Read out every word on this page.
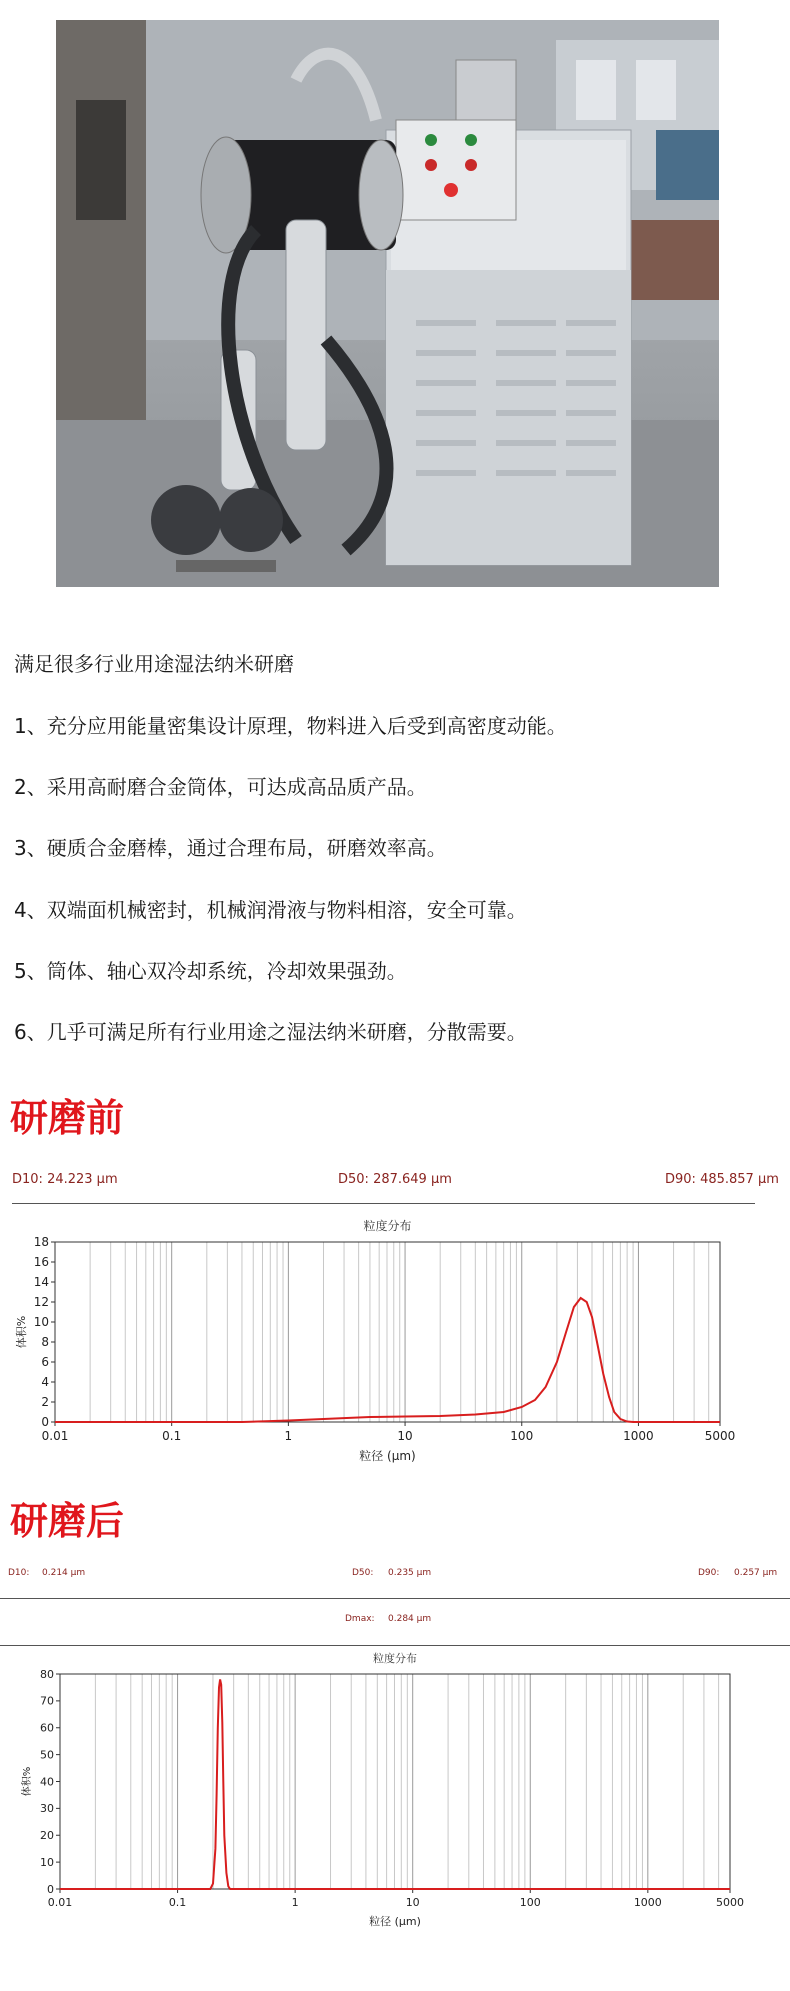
满足很多行业用途湿法纳米研磨
1、充分应用能量密集设计原理，物料进入后受到高密度动能。
2、采用高耐磨合金筒体，可达成高品质产品。
3、硬质合金磨棒，通过合理布局，研磨效率高。
4、双端面机械密封，机械润滑液与物料相溶，安全可靠。
5、筒体、轴心双冷却系统，冷却效果强劲。
6、几乎可满足所有行业用途之湿法纳米研磨，分散需要。
研磨前
D10: 24.223 μm	D50: 287.649 μm	D90: 485.857 μm
粒度分布
0
2
4
6
8
10
12
14
16
18
0.01	0.1	1	10	100	1000	5000
粒径 (μm)
体积%
研磨后
D10: 0.214 μm	D50: 0.235 μm	D90: 0.257 μm
Dmax: 0.284 μm
粒度分布
0
10
20
30
40
50
60
70
80
0.01	0.1	1	10	100	1000	5000
粒径 (μm)
体积%
